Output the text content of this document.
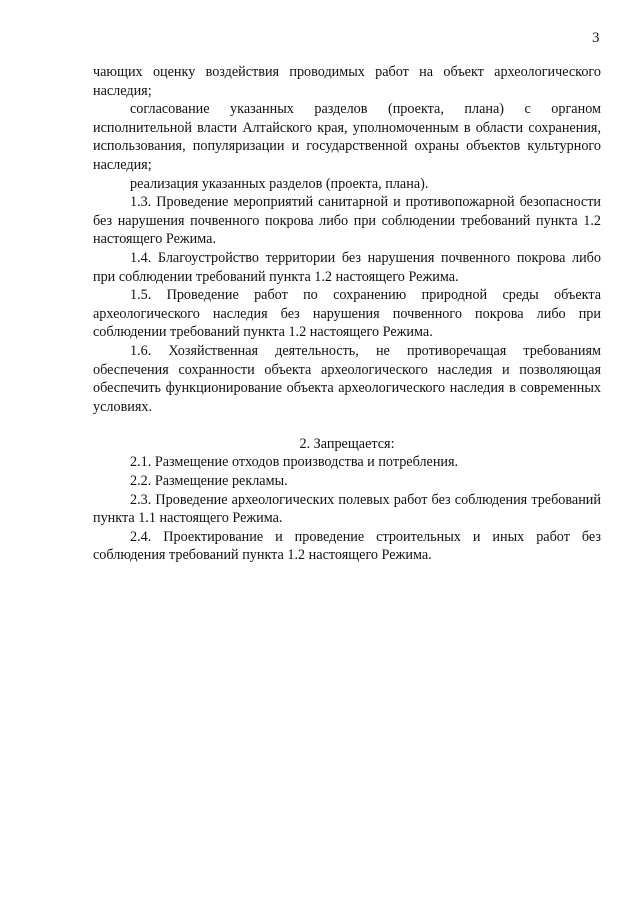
3

чающих оценку воздействия проводимых работ на объект археологического наследия;

согласование указанных разделов (проекта, плана) с органом исполнительной власти Алтайского края, уполномоченным в области сохранения, использования, популяризации и государственной охраны объектов культурного наследия;

реализация указанных разделов (проекта, плана).

1.3. Проведение мероприятий санитарной и противопожарной безопасности без нарушения почвенного покрова либо при соблюдении требований пункта 1.2 настоящего Режима.

1.4. Благоустройство территории без нарушения почвенного покрова либо при соблюдении требований пункта 1.2 настоящего Режима.

1.5. Проведение работ по сохранению природной среды объекта археологического наследия без нарушения почвенного покрова либо при соблюдении требований пункта 1.2 настоящего Режима.

1.6. Хозяйственная деятельность, не противоречащая требованиям обеспечения сохранности объекта археологического наследия и позволяющая обеспечить функционирование объекта археологического наследия в современных условиях.

2. Запрещается:

2.1. Размещение отходов производства и потребления.

2.2. Размещение рекламы.

2.3. Проведение археологических полевых работ без соблюдения требований пункта 1.1 настоящего Режима.

2.4. Проектирование и проведение строительных и иных работ без соблюдения требований пункта 1.2 настоящего Режима.
